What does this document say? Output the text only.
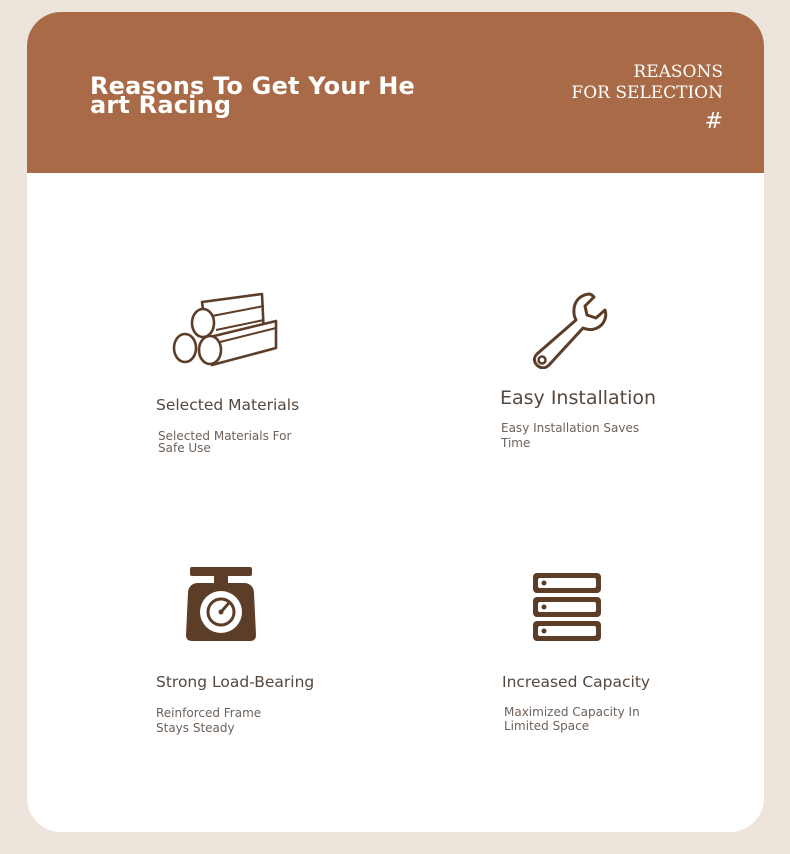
Reasons To Get Your Heart Racing
REASONS
FOR SELECTION
#
Selected Materials
Selected Materials For Safe Use
Easy Installation
Easy Installation Saves Time
Strong Load-Bearing
Reinforced Frame Stays Steady
Increased Capacity
Maximized Capacity In Limited Space
